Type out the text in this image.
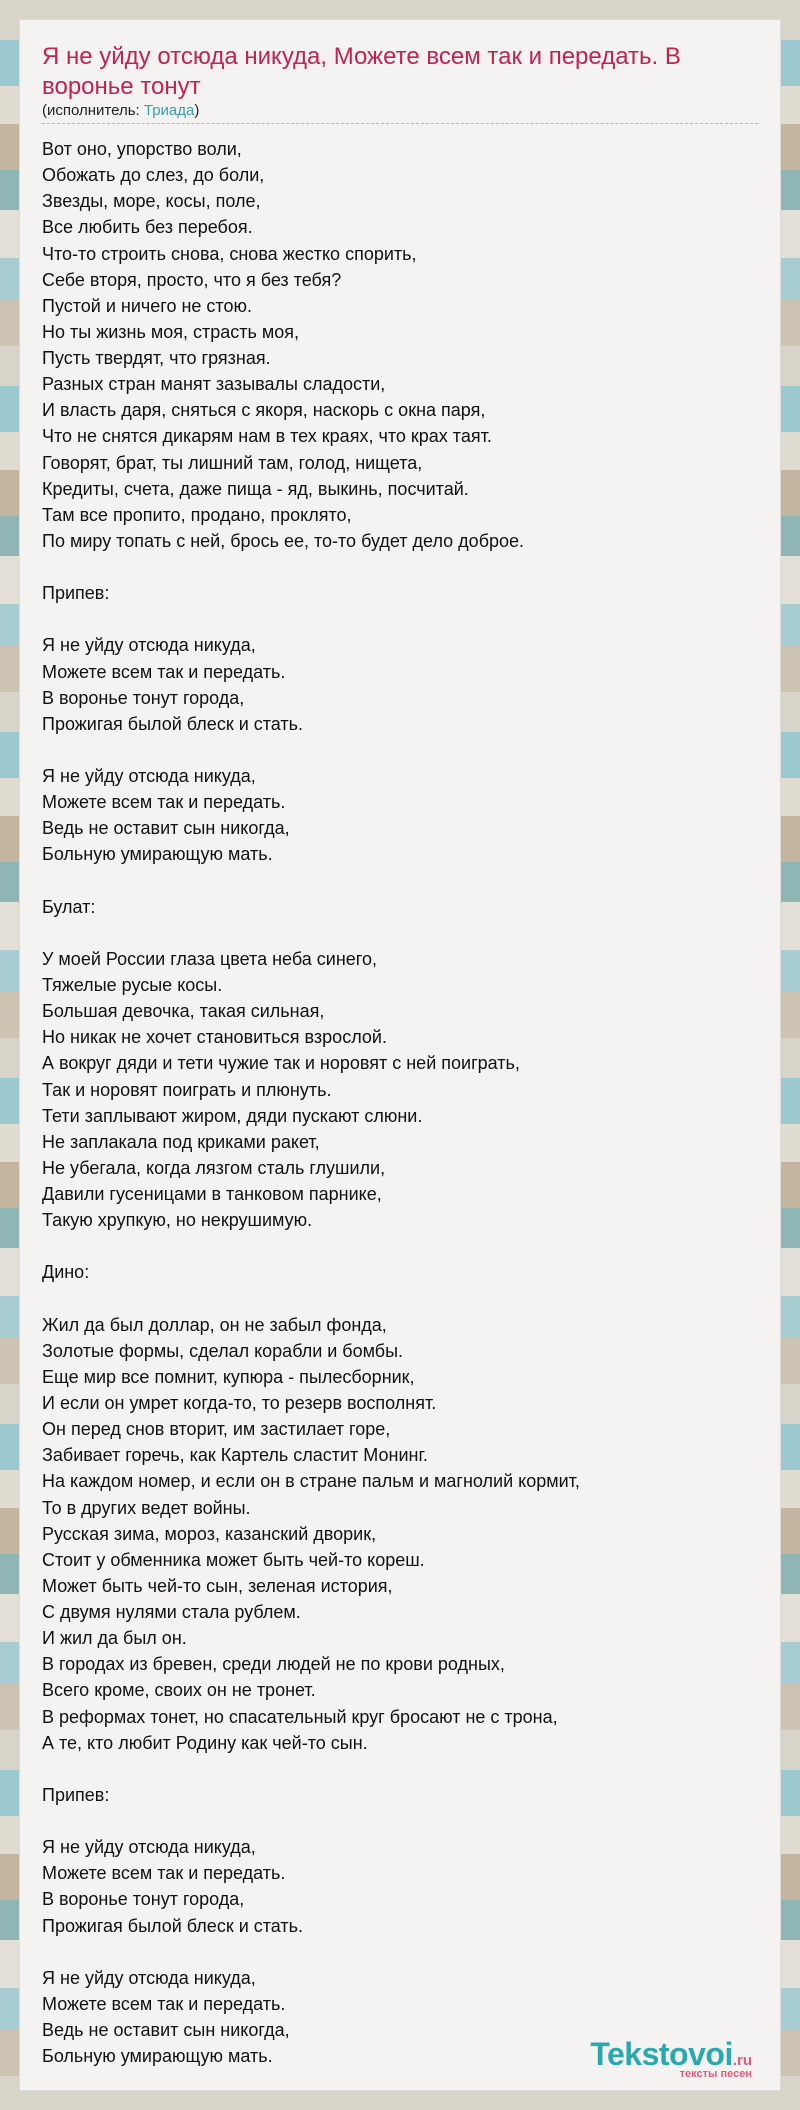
Я не уйду отсюда никуда, Можете всем так и передать. В воронье тонут
(исполнитель: Триада)
Вот оно, упорство воли,
Обожать до слез, до боли,
Звезды, море, косы, поле,
Все любить без перебоя.
Что-то строить снова, снова жестко спорить,
Себе вторя, просто, что я без тебя?
Пустой и ничего не стою.
Но ты жизнь моя, страсть моя,
Пусть твердят, что грязная.
Разных стран манят зазывалы сладости,
И власть даря, сняться с якоря, наскорь с окна паря,
Что не снятся дикарям нам в тех краях, что крах таят.
Говорят, брат, ты лишний там, голод, нищета,
Кредиты, счета, даже пища - яд, выкинь, посчитай.
Там все пропито, продано, проклято,
По миру топать с ней, брось ее, то-то будет дело доброе.

Припев:

Я не уйду отсюда никуда,
Можете всем так и передать.
В воронье тонут города,
Прожигая былой блеск и стать.

Я не уйду отсюда никуда,
Можете всем так и передать.
Ведь не оставит сын никогда,
Больную умирающую мать.

Булат:

У моей России глаза цвета неба синего,
Тяжелые русые косы.
Большая девочка, такая сильная,
Но никак не хочет становиться взрослой.
А вокруг дяди и тети чужие так и норовят с ней поиграть,
Так и норовят поиграть и плюнуть.
Тети заплывают жиром, дяди пускают слюни.
Не заплакала под криками ракет,
Не убегала, когда лязгом сталь глушили,
Давили гусеницами в танковом парнике,
Такую хрупкую, но некрушимую.

Дино:

Жил да был доллар, он не забыл фонда,
Золотые формы, сделал корабли и бомбы.
Еще мир все помнит, купюра - пылесборник,
И если он умрет когда-то, то резерв восполнят.
Он перед снов вторит, им застилает горе,
Забивает горечь, как Картель сластит Монинг.
На каждом номер, и если он в стране пальм и магнолий кормит,
То в других ведет войны.
Русская зима, мороз, казанский дворик,
Стоит у обменника может быть чей-то кореш.
Может быть чей-то сын, зеленая история,
С двумя нулями стала рублем.
И жил да был он.
В городах из бревен, среди людей не по крови родных,
Всего кроме, своих он не тронет.
В реформах тонет, но спасательный круг бросают не с трона,
А те, кто любит Родину как чей-то сын.

Припев:

Я не уйду отсюда никуда,
Можете всем так и передать.
В воронье тонут города,
Прожигая былой блеск и стать.

Я не уйду отсюда никуда,
Можете всем так и передать.
Ведь не оставит сын никогда,
Больную умирающую мать.	Tekstovoi.ru
тексты песен
